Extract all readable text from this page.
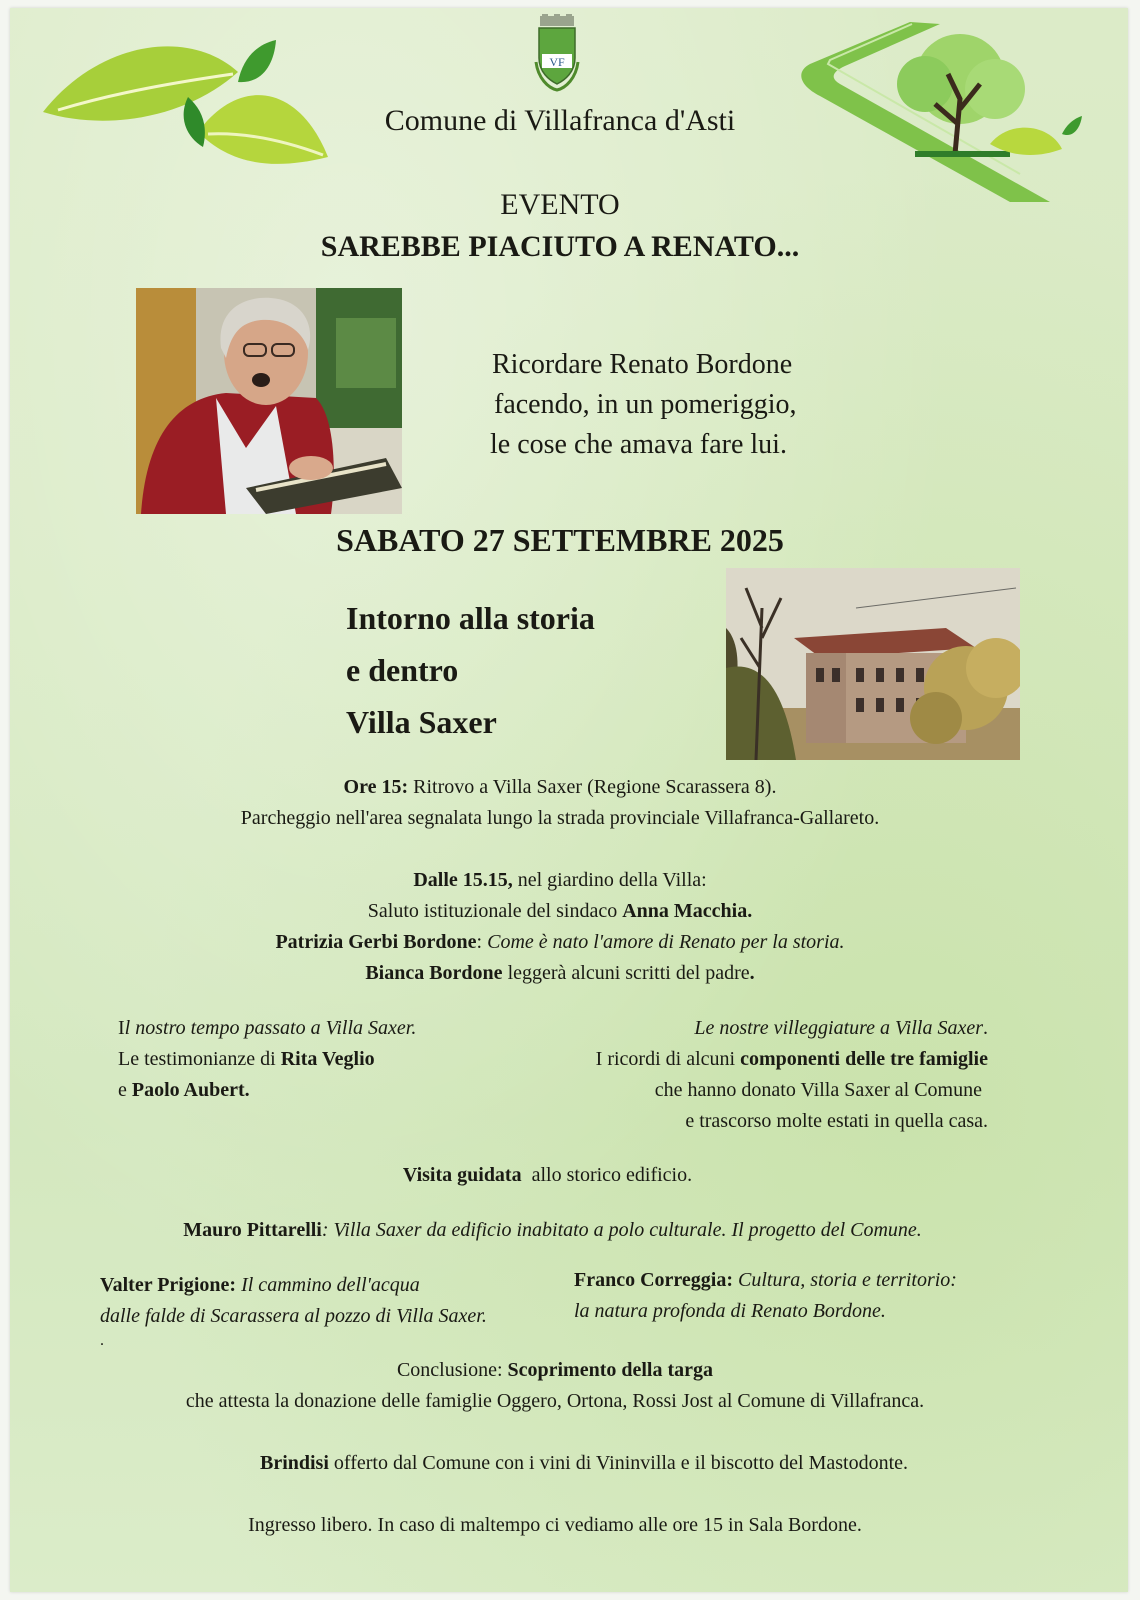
VF
Comune di Villafranca d'Asti
EVENTO
SAREBBE PIACIUTO A RENATO...
Ricordare Renato Bordone
facendo, in un pomeriggio,
le cose che amava fare lui.
SABATO 27 SETTEMBRE 2025
Intorno alla storia
e dentro
Villa Saxer
Ore 15: Ritrovo a Villa Saxer (Regione Scarassera 8).
Parcheggio nell'area segnalata lungo la strada provinciale Villafranca-Gallareto.
Dalle 15.15, nel giardino della Villa:
Saluto istituzionale del sindaco Anna Macchia.
Patrizia Gerbi Bordone: Come è nato l'amore di Renato per la storia.
Bianca Bordone leggerà alcuni scritti del padre.
Il nostro tempo passato a Villa Saxer.
Le testimonianze di Rita Veglio
e Paolo Aubert.
Le nostre villeggiature a Villa Saxer.
I ricordi di alcuni componenti delle tre famiglie
che hanno donato Villa Saxer al Comune
e trascorso molte estati in quella casa.
Visita guidata  allo storico edificio.
Mauro Pittarelli: Villa Saxer da edificio inabitato a polo culturale. Il progetto del Comune.
Valter Prigione: Il cammino dell'acqua
dalle falde di Scarassera al pozzo di Villa Saxer.
.
Franco Correggia: Cultura, storia e territorio:
la natura profonda di Renato Bordone.
Conclusione: Scoprimento della targa
che attesta la donazione delle famiglie Oggero, Ortona, Rossi Jost al Comune di Villafranca.
Brindisi offerto dal Comune con i vini di Vininvilla e il biscotto del Mastodonte.
Ingresso libero. In caso di maltempo ci vediamo alle ore 15 in Sala Bordone.
